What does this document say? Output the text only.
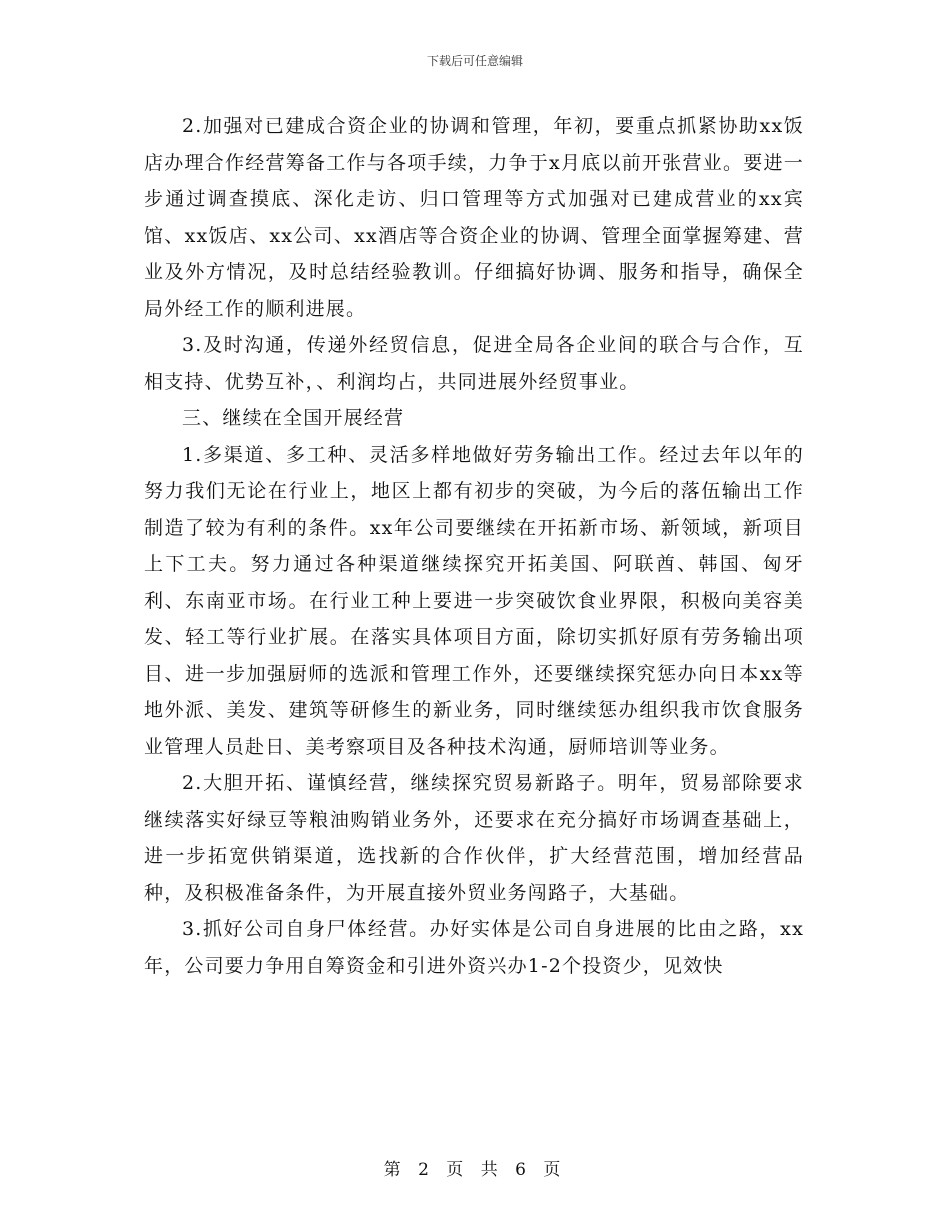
下载后可任意编辑

2.加强对已建成合资企业的协调和管理，年初，要重点抓紧协助xx饭店办理合作经营筹备工作与各项手续，力争于x月底以前开张营业。要进一步通过调查摸底、深化走访、归口管理等方式加强对已建成营业的xx宾馆、xx饭店、xx公司、xx酒店等合资企业的协调、管理全面掌握筹建、营业及外方情况，及时总结经验教训。仔细搞好协调、服务和指导，确保全局外经工作的顺利进展。

3.及时沟通，传递外经贸信息，促进全局各企业间的联合与合作，互相支持、优势互补，、利润均占，共同进展外经贸事业。

三、继续在全国开展经营

1.多渠道、多工种、灵活多样地做好劳务输出工作。经过去年以年的努力我们无论在行业上，地区上都有初步的突破，为今后的落伍输出工作制造了较为有利的条件。xx年公司要继续在开拓新市场、新领域，新项目上下工夫。努力通过各种渠道继续探究开拓美国、阿联酋、韩国、匈牙利、东南亚市场。在行业工种上要进一步突破饮食业界限，积极向美容美发、轻工等行业扩展。在落实具体项目方面，除切实抓好原有劳务输出项目、进一步加强厨师的选派和管理工作外，还要继续探究惩办向日本xx等地外派、美发、建筑等研修生的新业务，同时继续惩办组织我市饮食服务业管理人员赴日、美考察项目及各种技术沟通，厨师培训等业务。

2.大胆开拓、谨慎经营，继续探究贸易新路子。明年，贸易部除要求继续落实好绿豆等粮油购销业务外，还要求在充分搞好市场调查基础上，进一步拓宽供销渠道，选找新的合作伙伴，扩大经营范围，增加经营品种，及积极准备条件，为开展直接外贸业务闯路子，大基础。

3.抓好公司自身尸体经营。办好实体是公司自身进展的比由之路，xx年，公司要力争用自筹资金和引进外资兴办1-2个投资少，见效快

第 2 页 共 6 页
